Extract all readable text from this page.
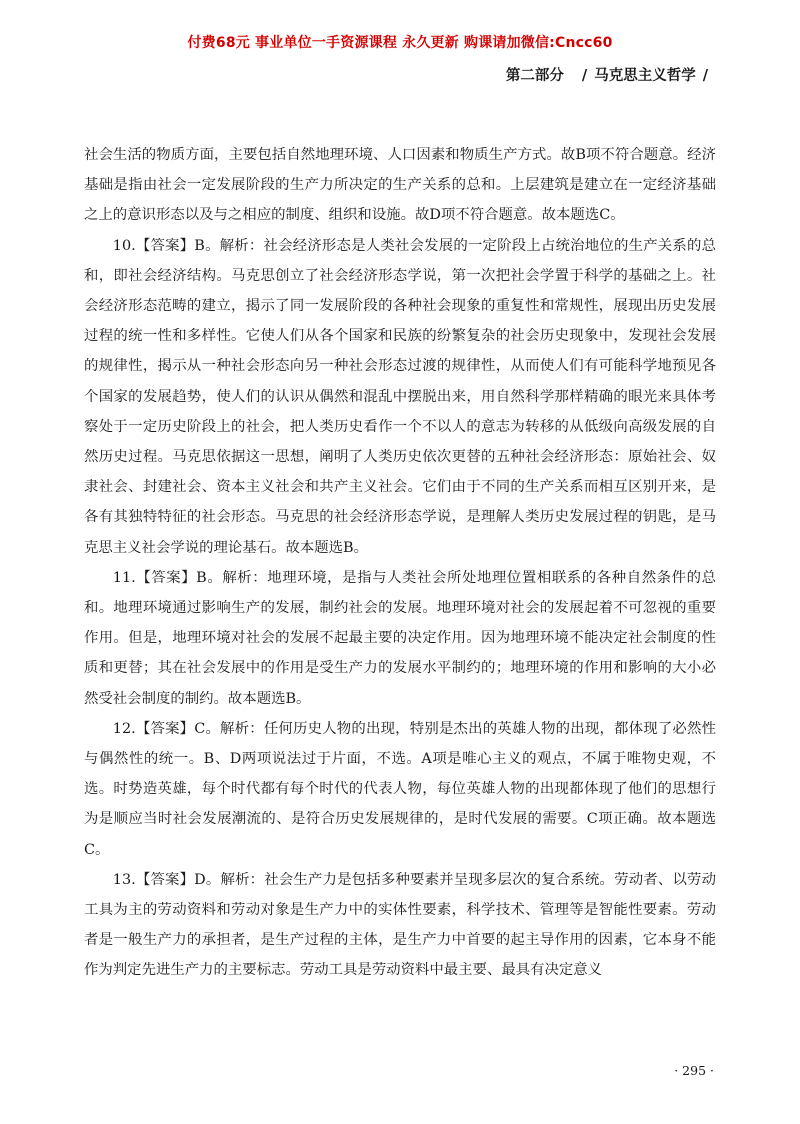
付费68元 事业单位一手资源课程 永久更新 购课请加微信:Cncc60
第二部分 / 马克思主义哲学 /

社会生活的物质方面，主要包括自然地理环境、人口因素和物质生产方式。故B项不符合题意。经济基础是指由社会一定发展阶段的生产力所决定的生产关系的总和。上层建筑是建立在一定经济基础之上的意识形态以及与之相应的制度、组织和设施。故D项不符合题意。故本题选C。

10.【答案】B。解析：社会经济形态是人类社会发展的一定阶段上占统治地位的生产关系的总和，即社会经济结构。马克思创立了社会经济形态学说，第一次把社会学置于科学的基础之上。社会经济形态范畴的建立，揭示了同一发展阶段的各种社会现象的重复性和常规性，展现出历史发展过程的统一性和多样性。它使人们从各个国家和民族的纷繁复杂的社会历史现象中，发现社会发展的规律性，揭示从一种社会形态向另一种社会形态过渡的规律性，从而使人们有可能科学地预见各个国家的发展趋势，使人们的认识从偶然和混乱中摆脱出来，用自然科学那样精确的眼光来具体考察处于一定历史阶段上的社会，把人类历史看作一个不以人的意志为转移的从低级向高级发展的自然历史过程。马克思依据这一思想，阐明了人类历史依次更替的五种社会经济形态：原始社会、奴隶社会、封建社会、资本主义社会和共产主义社会。它们由于不同的生产关系而相互区别开来，是各有其独特特征的社会形态。马克思的社会经济形态学说，是理解人类历史发展过程的钥匙，是马克思主义社会学说的理论基石。故本题选B。

11.【答案】B。解析：地理环境，是指与人类社会所处地理位置相联系的各种自然条件的总和。地理环境通过影响生产的发展，制约社会的发展。地理环境对社会的发展起着不可忽视的重要作用。但是，地理环境对社会的发展不起最主要的决定作用。因为地理环境不能决定社会制度的性质和更替；其在社会发展中的作用是受生产力的发展水平制约的；地理环境的作用和影响的大小必然受社会制度的制约。故本题选B。

12.【答案】C。解析：任何历史人物的出现，特别是杰出的英雄人物的出现，都体现了必然性与偶然性的统一。B、D两项说法过于片面，不选。A项是唯心主义的观点，不属于唯物史观，不选。时势造英雄，每个时代都有每个时代的代表人物，每位英雄人物的出现都体现了他们的思想行为是顺应当时社会发展潮流的、是符合历史发展规律的，是时代发展的需要。C项正确。故本题选C。

13.【答案】D。解析：社会生产力是包括多种要素并呈现多层次的复合系统。劳动者、以劳动工具为主的劳动资料和劳动对象是生产力中的实体性要素，科学技术、管理等是智能性要素。劳动者是一般生产力的承担者，是生产过程的主体，是生产力中首要的起主导作用的因素，它本身不能作为判定先进生产力的主要标志。劳动工具是劳动资料中最主要、最具有决定意义

· 295 ·
